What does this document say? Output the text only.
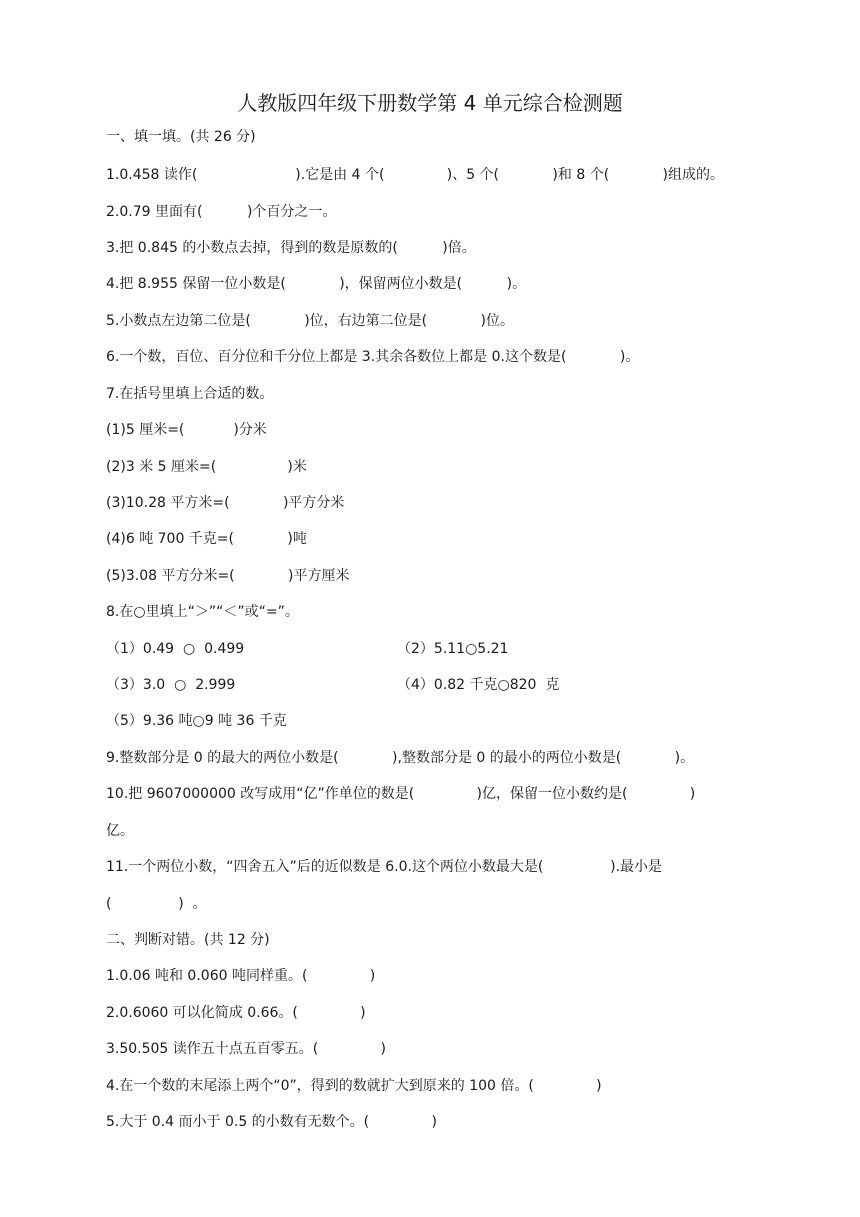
人教版四年级下册数学第 4 单元综合检测题
一、填一填。(共 26 分)
1.0.458 读作(                      ).它是由 4 个(              )、5 个(            )和 8 个(            )组成的。
2.0.79 里面有(          )个百分之一。
3.把 0.845 的小数点去掉，得到的数是原数的(          )倍。
4.把 8.955 保留一位小数是(            )，保留两位小数是(          )。
5.小数点左边第二位是(            )位，右边第二位是(            )位。
6.一个数，百位、百分位和千分位上都是 3.其余各数位上都是 0.这个数是(            )。
7.在括号里填上合适的数。
(1)5 厘米=(           )分米
(2)3 米 5 厘米=(                )米
(3)10.28 平方米=(            )平方分米
(4)6 吨 700 千克=(            )吨
(5)3.08 平方分米=(            )平方厘米
8.在○里填上“＞”“＜”或“=”。
（1）0.49  ○  0.499	（2）5.11○5.21
（3）3.0  ○  2.999	（4）0.82 千克○820  克
（5）9.36 吨○9 吨 36 千克
9.整数部分是 0 的最大的两位小数是(            ),整数部分是 0 的最小的两位小数是(            )。
10.把 9607000000 改写成用“亿”作单位的数是(              )亿，保留一位小数约是(              )
亿。
11.一个两位小数，“四舍五入”后的近似数是 6.0.这个两位小数最大是(               ).最小是
(               )  。
二、判断对错。(共 12 分)
1.0.06 吨和 0.060 吨同样重。(              )
2.0.6060 可以化简成 0.66。(              )
3.50.505 读作五十点五百零五。(              )
4.在一个数的末尾添上两个“0”，得到的数就扩大到原来的 100 倍。(              )
5.大于 0.4 而小于 0.5 的小数有无数个。(              )
